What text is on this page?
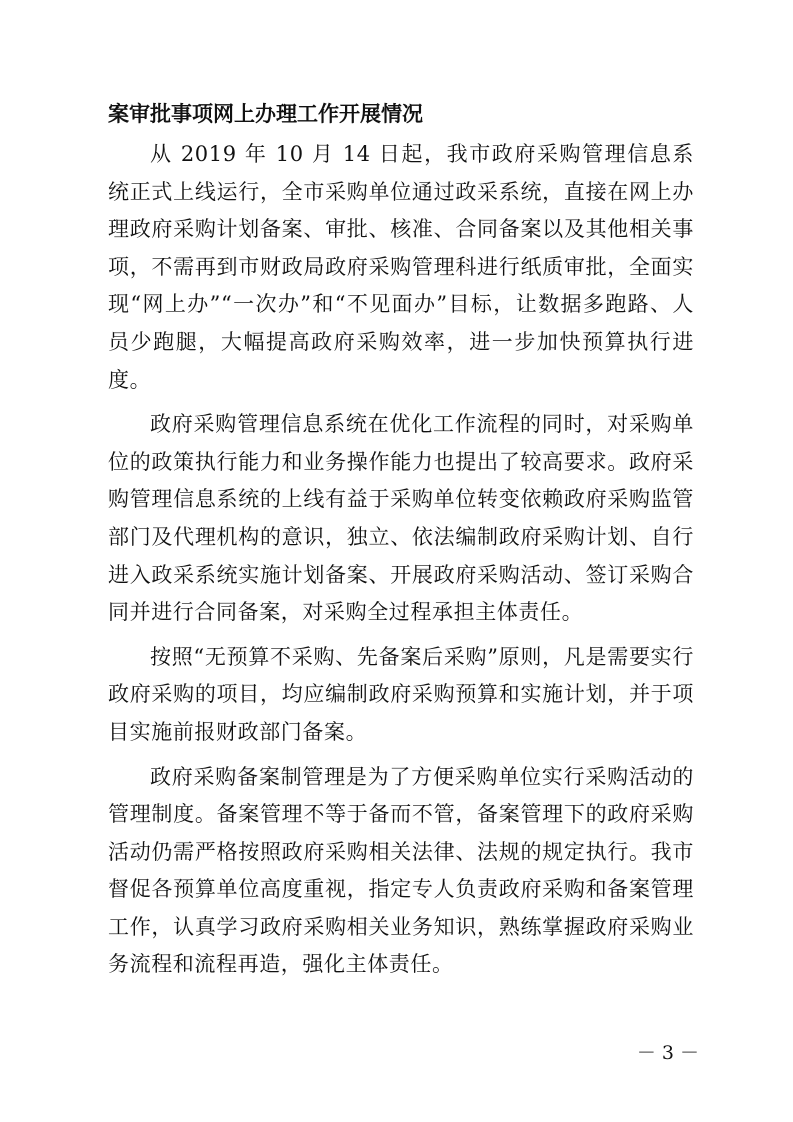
案审批事项网上办理工作开展情况

从 2019 年 10 月 14 日起，我市政府采购管理信息系统正式上线运行，全市采购单位通过政采系统，直接在网上办理政府采购计划备案、审批、核准、合同备案以及其他相关事项，不需再到市财政局政府采购管理科进行纸质审批，全面实现“网上办”“一次办”和“不见面办”目标，让数据多跑路、人员少跑腿，大幅提高政府采购效率，进一步加快预算执行进度。

政府采购管理信息系统在优化工作流程的同时，对采购单位的政策执行能力和业务操作能力也提出了较高要求。政府采购管理信息系统的上线有益于采购单位转变依赖政府采购监管部门及代理机构的意识，独立、依法编制政府采购计划、自行进入政采系统实施计划备案、开展政府采购活动、签订采购合同并进行合同备案，对采购全过程承担主体责任。

按照“无预算不采购、先备案后采购”原则，凡是需要实行政府采购的项目，均应编制政府采购预算和实施计划，并于项目实施前报财政部门备案。

政府采购备案制管理是为了方便采购单位实行采购活动的管理制度。备案管理不等于备而不管，备案管理下的政府采购活动仍需严格按照政府采购相关法律、法规的规定执行。我市督促各预算单位高度重视，指定专人负责政府采购和备案管理工作，认真学习政府采购相关业务知识，熟练掌握政府采购业务流程和流程再造，强化主体责任。

－ 3 －
